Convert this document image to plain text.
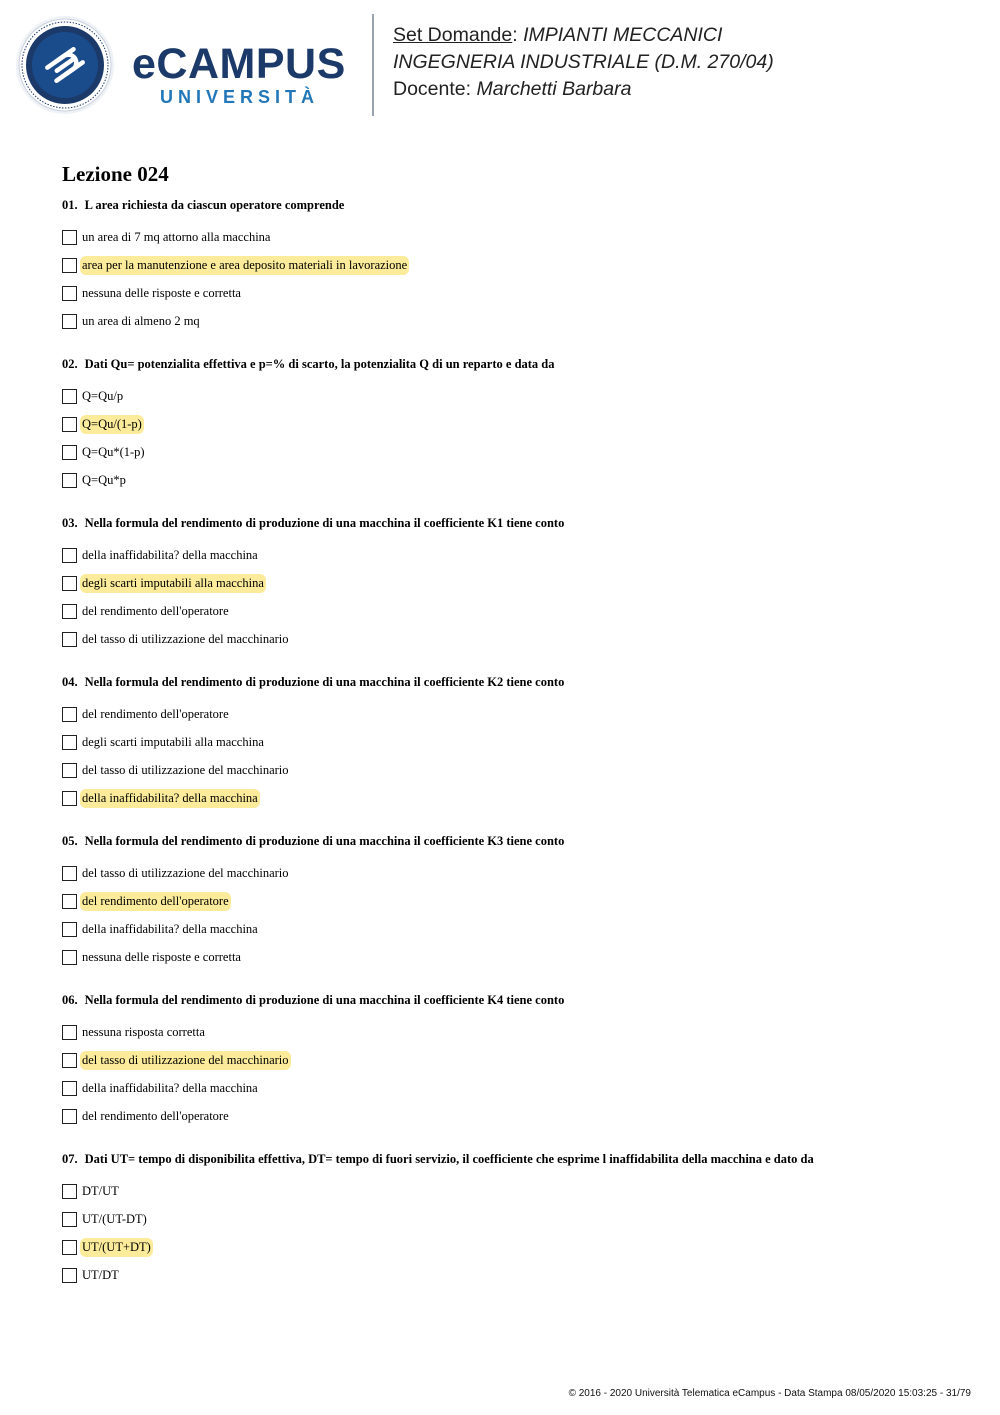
eCAMPUS
UNIVERSITÀ
Set Domande: IMPIANTI MECCANICI
INGEGNERIA INDUSTRIALE (D.M. 270/04)
Docente: Marchetti Barbara
Lezione 024
01. L area richiesta da ciascun operatore comprende
un area di 7 mq attorno alla macchina
area per la manutenzione e area deposito materiali in lavorazione
nessuna delle risposte e corretta
un area di almeno 2 mq
02. Dati Qu= potenzialita effettiva e p=% di scarto, la potenzialita Q di un reparto e data da
Q=Qu/p
Q=Qu/(1-p)
Q=Qu*(1-p)
Q=Qu*p
03. Nella formula del rendimento di produzione di una macchina il coefficiente K1 tiene conto
della inaffidabilita? della macchina
degli scarti imputabili alla macchina
del rendimento dell'operatore
del tasso di utilizzazione del macchinario
04. Nella formula del rendimento di produzione di una macchina il coefficiente K2 tiene conto
del rendimento dell'operatore
degli scarti imputabili alla macchina
del tasso di utilizzazione del macchinario
della inaffidabilita? della macchina
05. Nella formula del rendimento di produzione di una macchina il coefficiente K3 tiene conto
del tasso di utilizzazione del macchinario
del rendimento dell'operatore
della inaffidabilita? della macchina
nessuna delle risposte e corretta
06. Nella formula del rendimento di produzione di una macchina il coefficiente K4 tiene conto
nessuna risposta corretta
del tasso di utilizzazione del macchinario
della inaffidabilita? della macchina
del rendimento dell'operatore
07. Dati UT= tempo di disponibilita effettiva, DT= tempo di fuori servizio, il coefficiente che esprime l inaffidabilita della macchina e dato da
DT/UT
UT/(UT-DT)
UT/(UT+DT)
UT/DT
© 2016 - 2020 Università Telematica eCampus - Data Stampa 08/05/2020 15:03:25 - 31/79
